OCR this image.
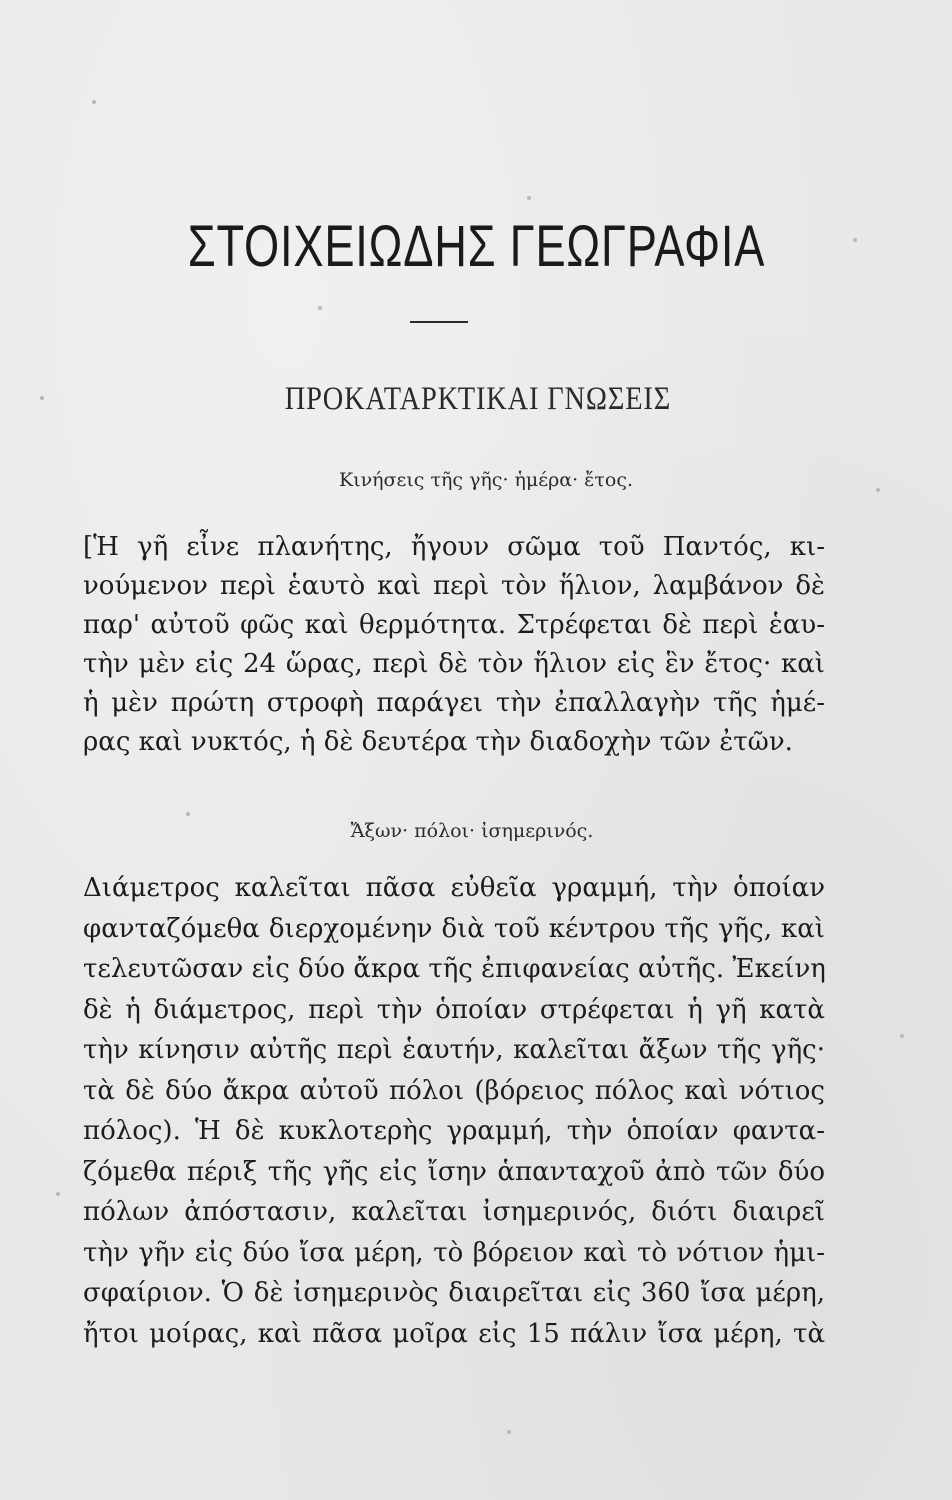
ΣΤΟΙΧΕΙΩΔΗΣ ΓΕΩΓΡΑΦΙΑ
ΠΡΟΚΑΤΑΡΚΤΙΚΑΙ ΓΝΩΣΕΙΣ
Κινήσεις τῆς γῆς· ἡμέρα· ἔτος.
[Ἡ γῆ εἶνε πλανήτης, ἤγουν σῶμα τοῦ Παντός, κι-
νούμενον περὶ ἑαυτὸ καὶ περὶ τὸν ἥλιον, λαμβάνον δὲ
παρ' αὐτοῦ φῶς καὶ θερμότητα. Στρέφεται δὲ περὶ ἑαυ-
τὴν μὲν εἰς 24 ὥρας, περὶ δὲ τὸν ἥλιον εἰς ἓν ἔτος· καὶ
ἡ μὲν πρώτη στροφὴ παράγει τὴν ἐπαλλαγὴν τῆς ἡμέ-
ρας καὶ νυκτός, ἡ δὲ δευτέρα τὴν διαδοχὴν τῶν ἐτῶν.
Ἄξων· πόλοι· ἰσημερινός.
Διάμετρος καλεῖται πᾶσα εὐθεῖα γραμμή, τὴν ὁποίαν
φανταζόμεθα διερχομένην διὰ τοῦ κέντρου τῆς γῆς, καὶ
τελευτῶσαν εἰς δύο ἄκρα τῆς ἐπιφανείας αὐτῆς. Ἐκείνη
δὲ ἡ διάμετρος, περὶ τὴν ὁποίαν στρέφεται ἡ γῆ κατὰ
τὴν κίνησιν αὐτῆς περὶ ἑαυτήν, καλεῖται ἄξων τῆς γῆς·
τὰ δὲ δύο ἄκρα αὐτοῦ πόλοι (βόρειος πόλος καὶ νότιος
πόλος). Ἡ δὲ κυκλοτερὴς γραμμή, τὴν ὁποίαν φαντα-
ζόμεθα πέριξ τῆς γῆς εἰς ἴσην ἁπανταχοῦ ἀπὸ τῶν δύο
πόλων ἀπόστασιν, καλεῖται ἰσημερινός, διότι διαιρεῖ
τὴν γῆν εἰς δύο ἴσα μέρη, τὸ βόρειον καὶ τὸ νότιον ἡμι-
σφαίριον. Ὁ δὲ ἰσημερινὸς διαιρεῖται εἰς 360 ἴσα μέρη,
ἤτοι μοίρας, καὶ πᾶσα μοῖρα εἰς 15 πάλιν ἴσα μέρη, τὰ
